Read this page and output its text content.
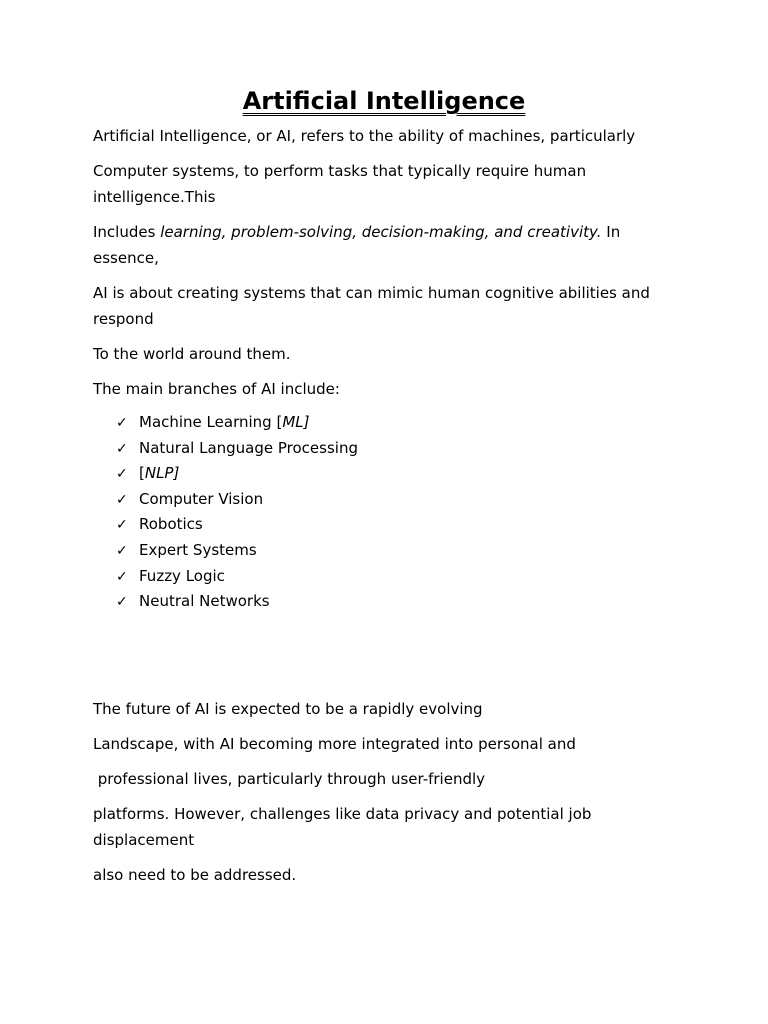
Artificial Intelligence

Artificial Intelligence, or AI, refers to the ability of machines, particularly

Computer systems, to perform tasks that typically require human intelligence.This

Includes learning, problem-solving, decision-making, and creativity. In essence,

AI is about creating systems that can mimic human cognitive abilities and respond

To the world around them.

The main branches of AI include:

✓ Machine Learning [ML]
✓ Natural Language Processing
✓ [NLP]
✓ Computer Vision
✓ Robotics
✓ Expert Systems
✓ Fuzzy Logic
✓ Neutral Networks

The future of AI is expected to be a rapidly evolving

Landscape, with AI becoming more integrated into personal and

professional lives, particularly through user-friendly

platforms. However, challenges like data privacy and potential job displacement

also need to be addressed.
